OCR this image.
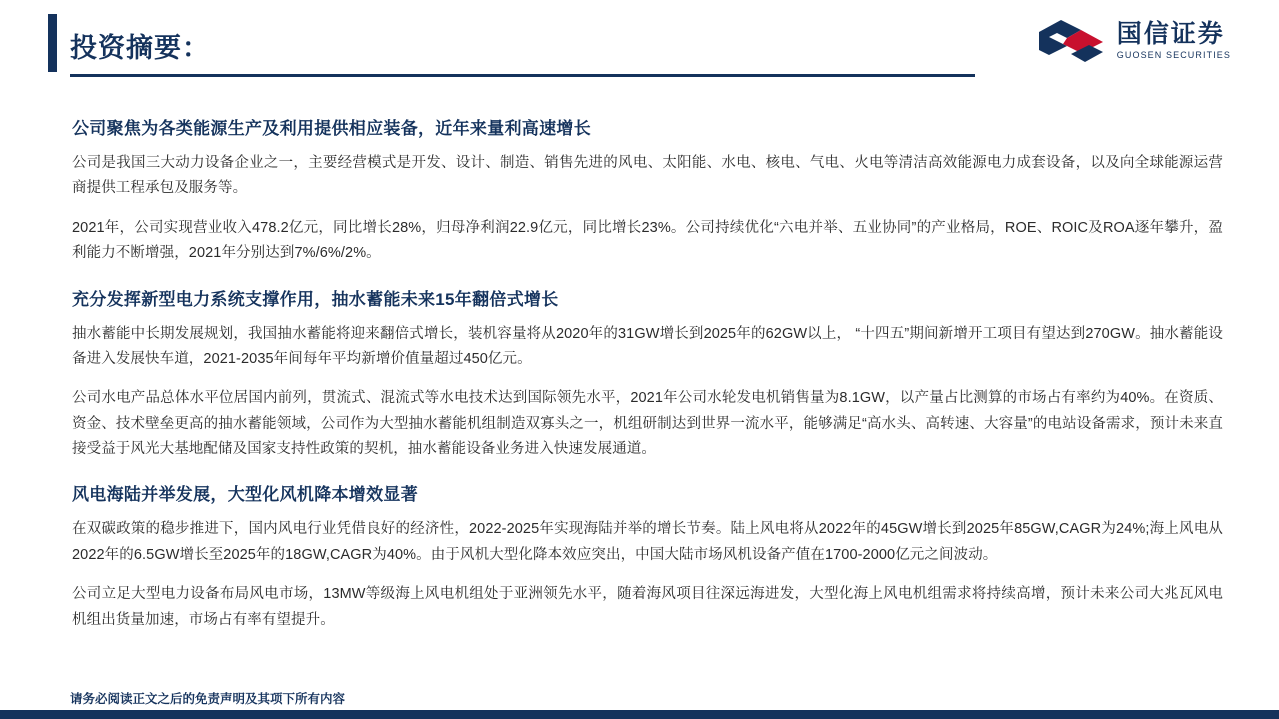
投资摘要：	国信证券
GUOSEN SECURITIES
公司聚焦为各类能源生产及利用提供相应装备，近年来量利高速增长

公司是我国三大动力设备企业之一，主要经营模式是开发、设计、制造、销售先进的风电、太阳能、水电、核电、气电、火电等清洁高效能源电力成套设备，以及向全球能源运营商提供工程承包及服务等。

2021年，公司实现营业收入478.2亿元，同比增长28%，归母净利润22.9亿元，同比增长23%。公司持续优化“六电并举、五业协同”的产业格局，ROE、ROIC及ROA逐年攀升，盈利能力不断增强，2021年分别达到7%/6%/2%。

充分发挥新型电力系统支撑作用，抽水蓄能未来15年翻倍式增长

抽水蓄能中长期发展规划，我国抽水蓄能将迎来翻倍式增长，装机容量将从2020年的31GW增长到2025年的62GW以上， “十四五”期间新增开工项目有望达到270GW。抽水蓄能设备进入发展快车道，2021-2035年间每年平均新增价值量超过450亿元。

公司水电产品总体水平位居国内前列，贯流式、混流式等水电技术达到国际领先水平，2021年公司水轮发电机销售量为8.1GW，以产量占比测算的市场占有率约为40%。在资质、资金、技术壁垒更高的抽水蓄能领域，公司作为大型抽水蓄能机组制造双寡头之一，机组研制达到世界一流水平，能够满足“高水头、高转速、大容量”的电站设备需求，预计未来直接受益于风光大基地配储及国家支持性政策的契机，抽水蓄能设备业务进入快速发展通道。

风电海陆并举发展，大型化风机降本增效显著

在双碳政策的稳步推进下，国内风电行业凭借良好的经济性，2022-2025年实现海陆并举的增长节奏。陆上风电将从2022年的45GW增长到2025年85GW,CAGR为24%;海上风电从2022年的6.5GW增长至2025年的18GW,CAGR为40%。由于风机大型化降本效应突出，中国大陆市场风机设备产值在1700-2000亿元之间波动。

公司立足大型电力设备布局风电市场，13MW等级海上风电机组处于亚洲领先水平，随着海风项目往深远海进发，大型化海上风电机组需求将持续高增，预计未来公司大兆瓦风电机组出货量加速，市场占有率有望提升。

请务必阅读正文之后的免责声明及其项下所有内容
